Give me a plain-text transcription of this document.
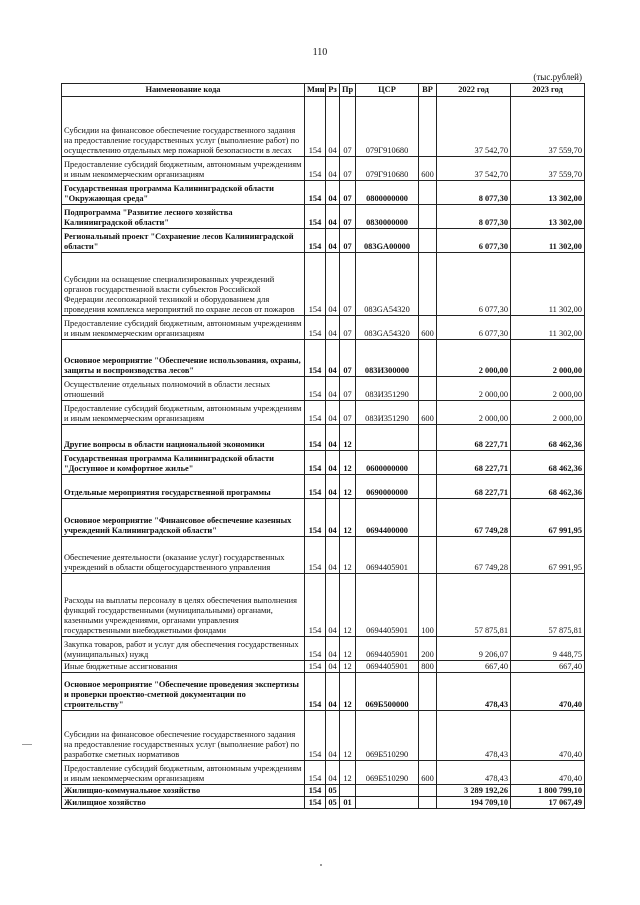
110
(тыс.рублей)
Наименование кода	Мин	Рз	Пр	ЦСР	ВР	2022 год	2023 год
Субсидии на финансовое обеспечение государственного задания на предоставление государственных услуг (выполнение работ) по осуществлению отдельных мер пожарной безопасности в лесах	154	04	07	079Г910680		37 542,70	37 559,70
Предоставление субсидий бюджетным, автономным учреждениям и иным некоммерческим организациям	154	04	07	079Г910680	600	37 542,70	37 559,70
Государственная программа Калининградской области "Окружающая среда"	154	04	07	0800000000		8 077,30	13 302,00
Подпрограмма "Развитие лесного хозяйства Калининградской области"	154	04	07	0830000000		8 077,30	13 302,00
Региональный проект "Сохранение лесов Калининградской области"	154	04	07	083GA00000		6 077,30	11 302,00
Субсидии на оснащение специализированных учреждений органов государственной власти субъектов Российской Федерации лесопожарной техникой и оборудованием для проведения комплекса мероприятий по охране лесов от пожаров	154	04	07	083GA54320		6 077,30	11 302,00
Предоставление субсидий бюджетным, автономным учреждениям и иным некоммерческим организациям	154	04	07	083GA54320	600	6 077,30	11 302,00
Основное мероприятие "Обеспечение использования, охраны, защиты и воспроизводства лесов"	154	04	07	083И300000		2 000,00	2 000,00
Осуществление отдельных полномочий в области лесных отношений	154	04	07	083И351290		2 000,00	2 000,00
Предоставление субсидий бюджетным, автономным учреждениям и иным некоммерческим организациям	154	04	07	083И351290	600	2 000,00	2 000,00
Другие вопросы в области национальной экономики	154	04	12			68 227,71	68 462,36
Государственная программа Калининградской области "Доступное и комфортное жилье"	154	04	12	0600000000		68 227,71	68 462,36
Отдельные мероприятия государственной программы	154	04	12	0690000000		68 227,71	68 462,36
Основное мероприятие "Финансовое обеспечение казенных учреждений Калининградской области"	154	04	12	0694400000		67 749,28	67 991,95
Обеспечение деятельности (оказание услуг) государственных учреждений в области общегосударственного управления	154	04	12	0694405901		67 749,28	67 991,95
Расходы на выплаты персоналу в целях обеспечения выполнения функций государственными (муниципальными) органами, казенными учреждениями, органами управления государственными внебюджетными фондами	154	04	12	0694405901	100	57 875,81	57 875,81
Закупка товаров, работ и услуг для обеспечения государственных (муниципальных) нужд	154	04	12	0694405901	200	9 206,07	9 448,75
Иные бюджетные ассигнования	154	04	12	0694405901	800	667,40	667,40
Основное мероприятие "Обеспечение проведения экспертизы и проверки проектно-сметной документации по строительству"	154	04	12	069Б500000		478,43	470,40
Субсидии на финансовое обеспечение государственного задания на предоставление государственных услуг (выполнение работ) по разработке сметных нормативов	154	04	12	069Б510290		478,43	470,40
Предоставление субсидий бюджетным, автономным учреждениям и иным некоммерческим организациям	154	04	12	069Б510290	600	478,43	470,40
Жилищно-коммунальное хозяйство	154	05				3 289 192,26	1 800 799,10
Жилищное хозяйство	154	05	01			194 709,10	17 067,49
